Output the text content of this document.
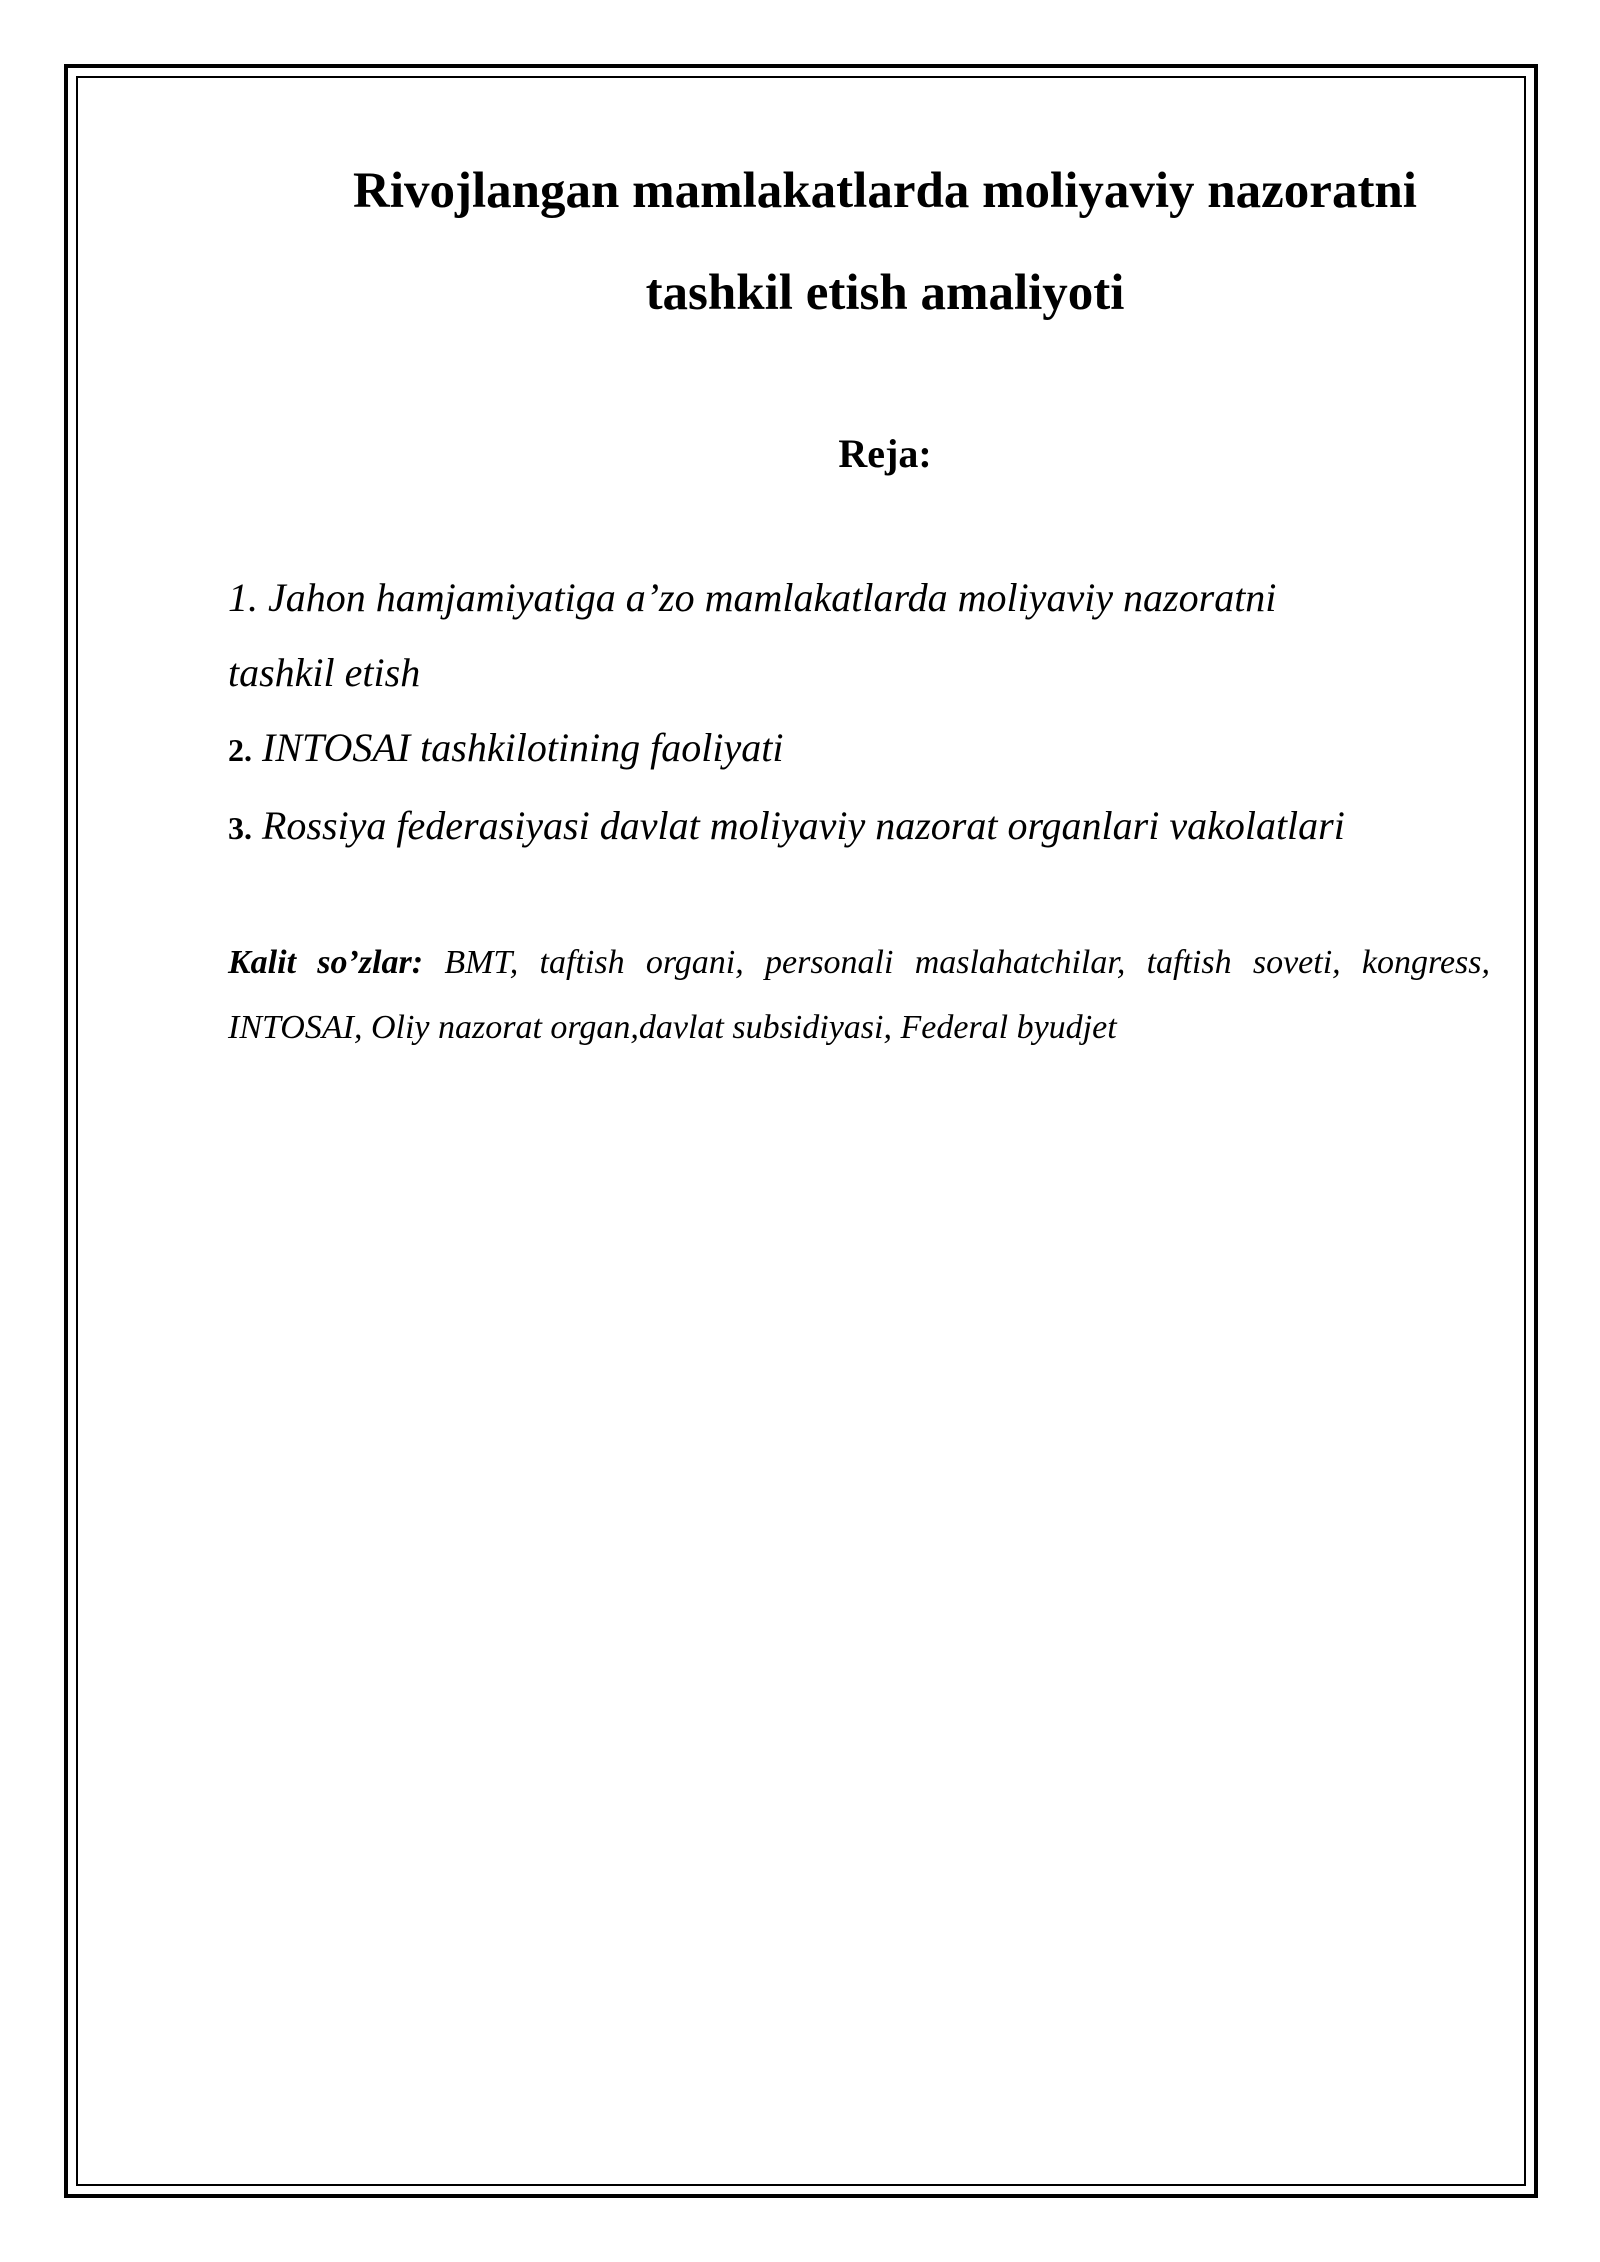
Rivojlangan mamlakatlarda moliyaviy nazoratni
tashkil etish amaliyoti

Reja:

1. Jahon hamjamiyatiga a’zo mamlakatlarda moliyaviy nazoratni

tashkil etish

2. INTOSAI tashkilotining faoliyati

3. Rossiya federasiyasi davlat moliyaviy nazorat organlari vakolatlari

Kalit so’zlar: BMT, taftish organi, personali maslahatchilar, taftish soveti, kongress, INTOSAI, Oliy nazorat organ,davlat subsidiyasi, Federal byudjet
